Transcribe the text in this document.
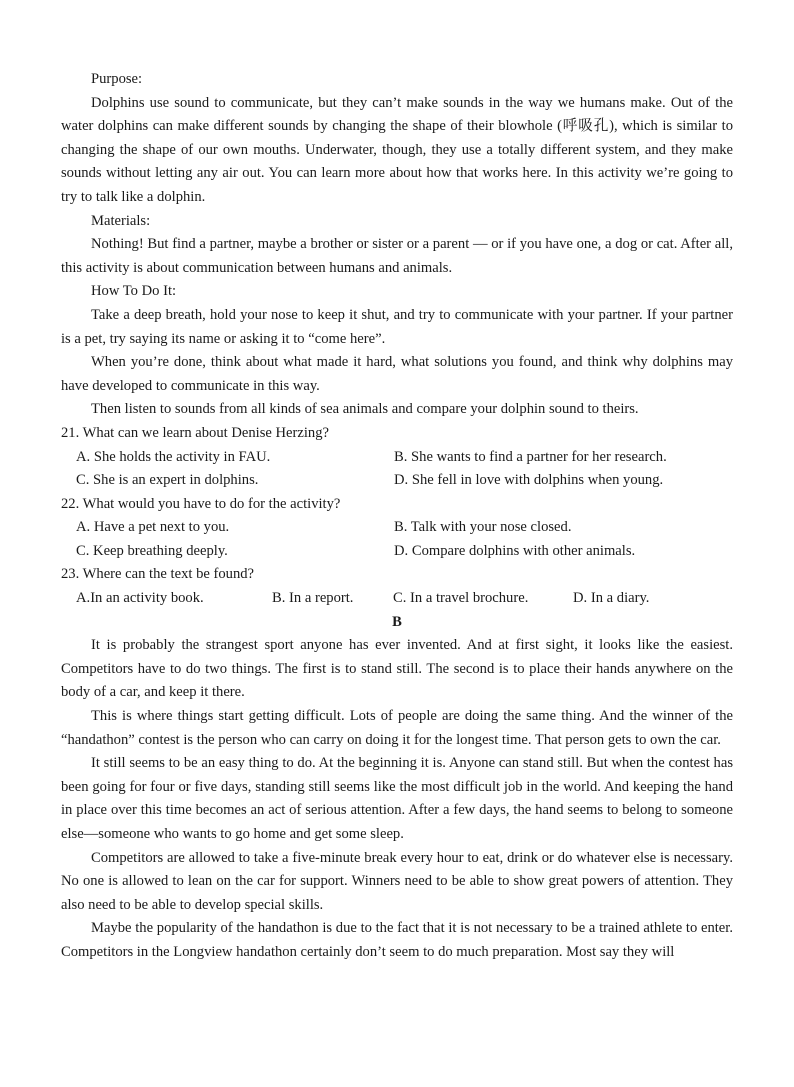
Purpose:

Dolphins use sound to communicate, but they can’t make sounds in the way we humans make. Out of the water dolphins can make different sounds by changing the shape of their blowhole (呼吸孔), which is similar to changing the shape of our own mouths. Underwater, though, they use a totally different system, and they make sounds without letting any air out. You can learn more about how that works here. In this activity we’re going to try to talk like a dolphin.

Materials:

Nothing! But find a partner, maybe a brother or sister or a parent — or if you have one, a dog or cat. After all, this activity is about communication between humans and animals.

How To Do It:

Take a deep breath, hold your nose to keep it shut, and try to communicate with your partner. If your partner is a pet, try saying its name or asking it to “come here”.

When you’re done, think about what made it hard, what solutions you found, and think why dolphins may have developed to communicate in this way.

Then listen to sounds from all kinds of sea animals and compare your dolphin sound to theirs.

21. What can we learn about Denise Herzing?

A. She holds the activity in FAU.	B. She wants to find a partner for her research.
C. She is an expert in dolphins.	D. She fell in love with dolphins when young.

22. What would you have to do for the activity?

A. Have a pet next to you.	B. Talk with your nose closed.
C. Keep breathing deeply.	D. Compare dolphins with other animals.

23. Where can the text be found?

A.In an activity book.	B. In a report.	C. In a travel brochure.	D. In a diary.

B

It is probably the strangest sport anyone has ever invented. And at first sight, it looks like the easiest. Competitors have to do two things. The first is to stand still. The second is to place their hands anywhere on the body of a car, and keep it there.

This is where things start getting difficult. Lots of people are doing the same thing. And the winner of the “handathon” contest is the person who can carry on doing it for the longest time. That person gets to own the car.

It still seems to be an easy thing to do. At the beginning it is. Anyone can stand still. But when the contest has been going for four or five days, standing still seems like the most difficult job in the world. And keeping the hand in place over this time becomes an act of serious attention. After a few days, the hand seems to belong to someone else—someone who wants to go home and get some sleep.

Competitors are allowed to take a five-minute break every hour to eat, drink or do whatever else is necessary. No one is allowed to lean on the car for support. Winners need to be able to show great powers of attention. They also need to be able to develop special skills.

Maybe the popularity of the handathon is due to the fact that it is not necessary to be a trained athlete to enter. Competitors in the Longview handathon certainly don’t seem to do much preparation. Most say they will
